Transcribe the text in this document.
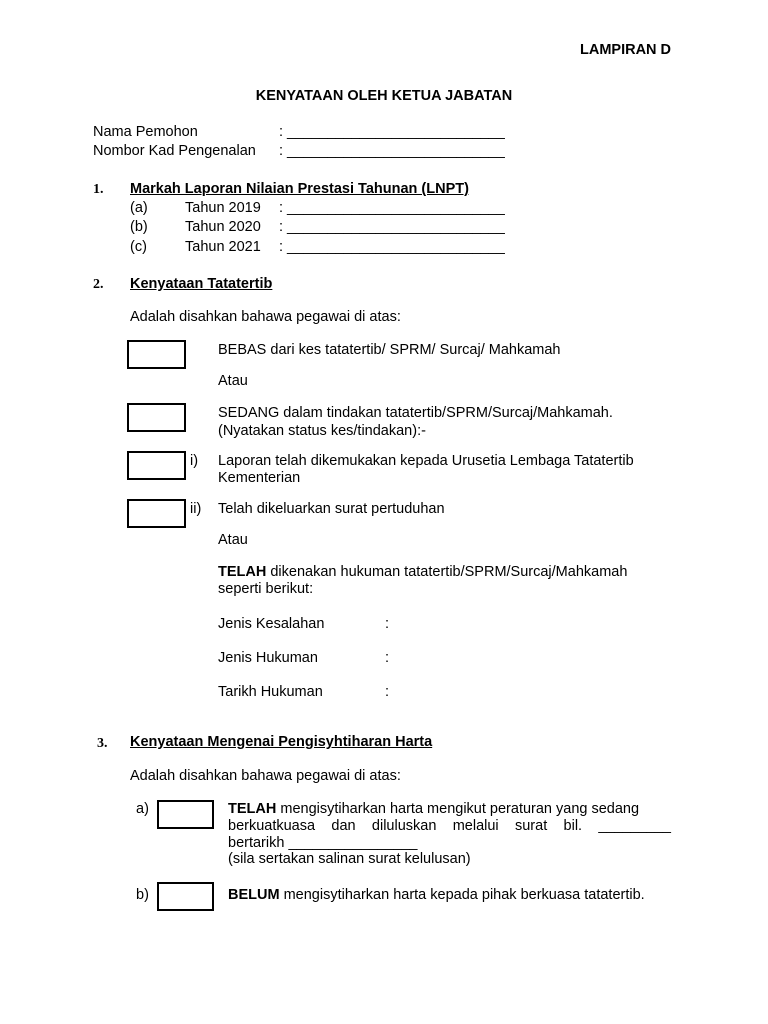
LAMPIRAN D
KENYATAAN OLEH KETUA JABATAN
Nama Pemohon	: ___________________________
Nombor Kad Pengenalan : ___________________________
1. Markah Laporan Nilaian Prestasi Tahunan (LNPT)
(a)	Tahun 2019 : ___________________________
(b)	Tahun 2020 : ___________________________
(c)	Tahun 2021 : ___________________________
2. Kenyataan Tatatertib
Adalah disahkan bahawa pegawai di atas:
BEBAS dari kes tatatertib/ SPRM/ Surcaj/ Mahkamah
Atau
SEDANG dalam tindakan tatatertib/SPRM/Surcaj/Mahkamah.
(Nyatakan status kes/tindakan):-
i) Laporan telah dikemukakan kepada Urusetia Lembaga Tatatertib
Kementerian
ii) Telah dikeluarkan surat pertuduhan
Atau
TELAH dikenakan hukuman tatatertib/SPRM/Surcaj/Mahkamah
seperti berikut:
Jenis Kesalahan	:
Jenis Hukuman	:
Tarikh Hukuman	:
3. Kenyataan Mengenai Pengisyhtiharan Harta
Adalah disahkan bahawa pegawai di atas:
a)	TELAH mengisytiharkan harta mengikut peraturan yang sedang
berkuatkuasa dan diluluskan melalui surat bil. _________
bertarikh ________________
(sila sertakan salinan surat kelulusan)
b)	BELUM mengisytiharkan harta kepada pihak berkuasa tatatertib.
